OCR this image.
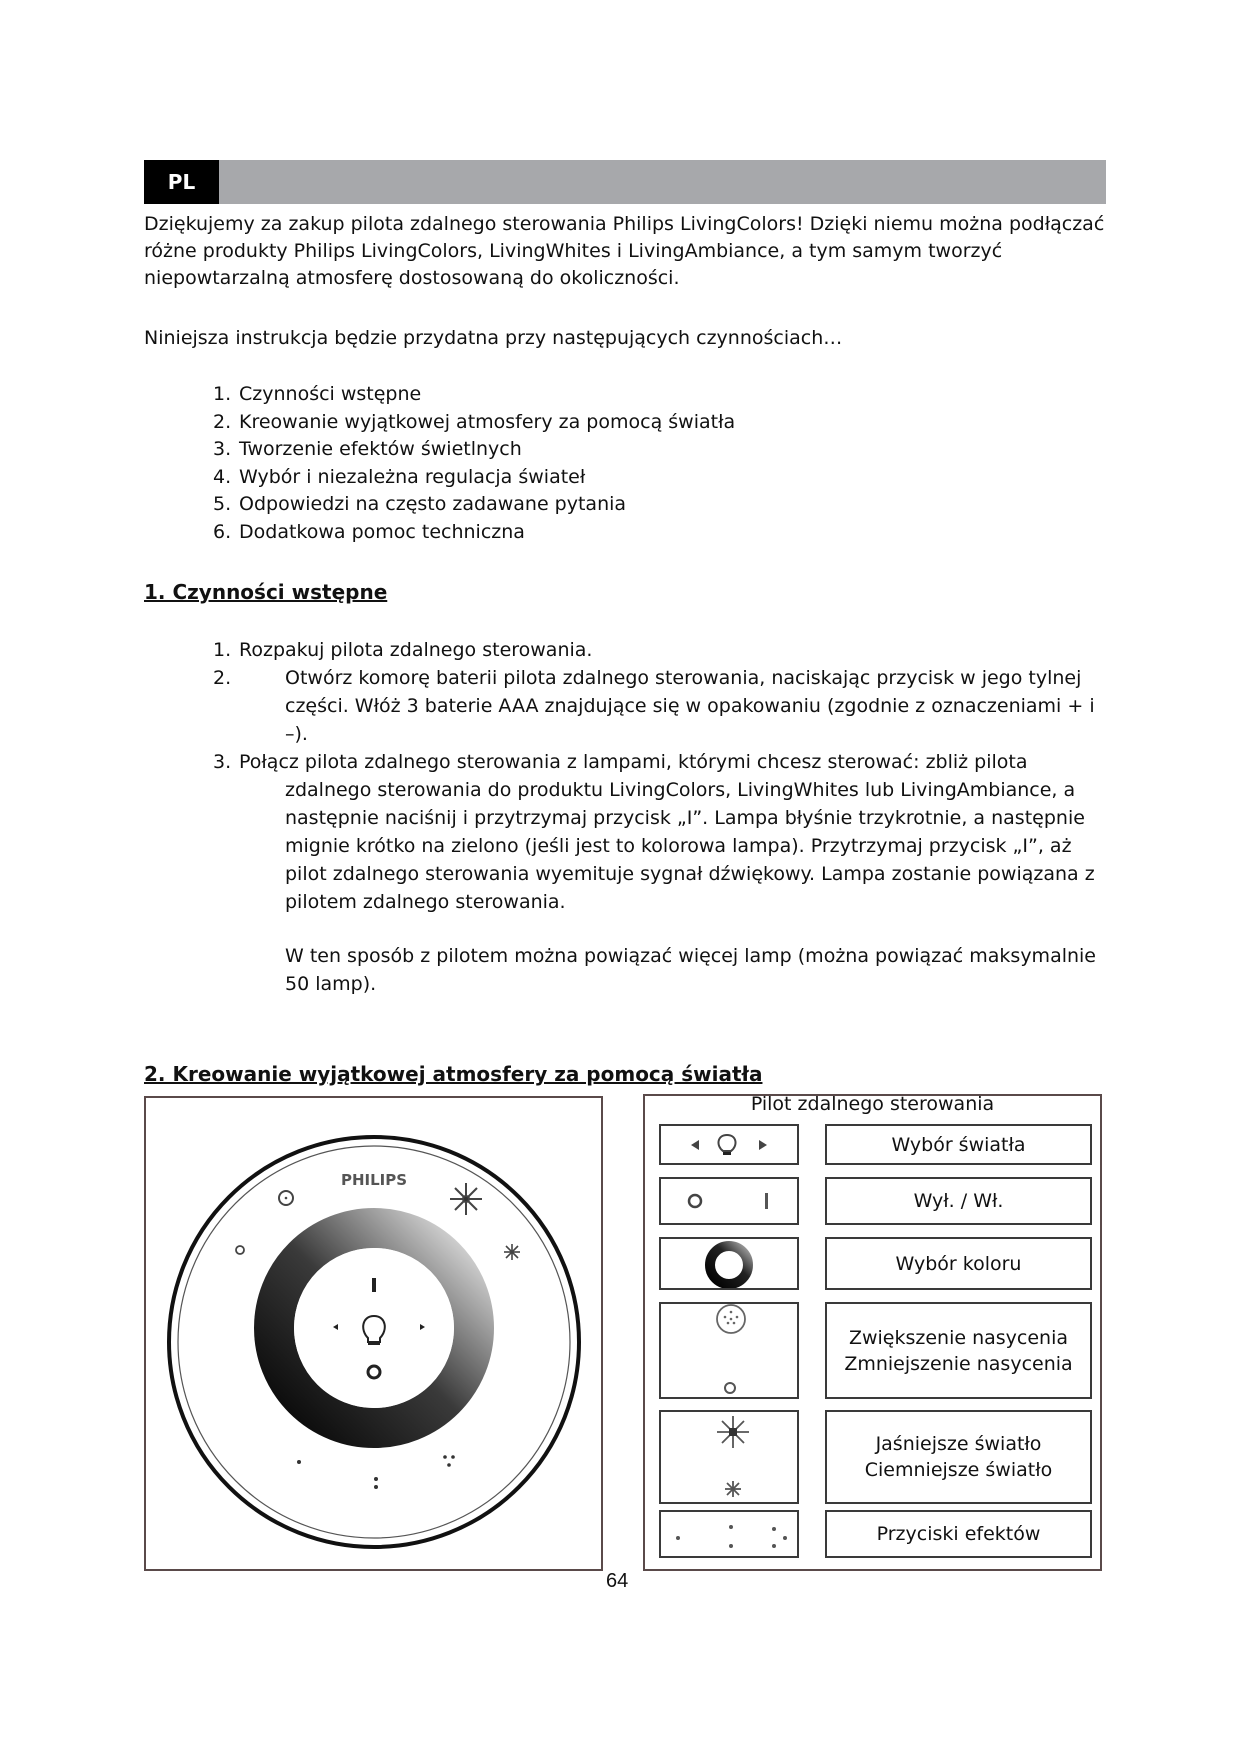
PL

Dziękujemy za zakup pilota zdalnego sterowania Philips LivingColors! Dzięki niemu można podłączać różne produkty Philips LivingColors, LivingWhites i LivingAmbiance, a tym samym tworzyć niepowtarzalną atmosferę dostosowaną do okoliczności.

Niniejsza instrukcja będzie przydatna przy następujących czynnościach…

1. Czynności wstępne
2. Kreowanie wyjątkowej atmosfery za pomocą światła
3. Tworzenie efektów świetlnych
4. Wybór i niezależna regulacja świateł
5. Odpowiedzi na często zadawane pytania
6. Dodatkowa pomoc techniczna
1. Czynności wstępne
1. Rozpakuj pilota zdalnego sterowania.
2.	Otwórz komorę baterii pilota zdalnego sterowania, naciskając przycisk w jego tylnej części. Włóż 3 baterie AAA znajdujące się w opakowaniu (zgodnie z oznaczeniami + i –).
3. Połącz pilota zdalnego sterowania z lampami, którymi chcesz sterować: zbliż pilota
zdalnego sterowania do produktu LivingColors, LivingWhites lub LivingAmbiance, a następnie naciśnij i przytrzymaj przycisk „I”. Lampa błyśnie trzykrotnie, a następnie mignie krótko na zielono (jeśli jest to kolorowa lampa). Przytrzymaj przycisk „I”, aż pilot zdalnego sterowania wyemituje sygnał dźwiękowy. Lampa zostanie powiązana z pilotem zdalnego sterowania.
W ten sposób z pilotem można powiązać więcej lamp (można powiązać maksymalnie 50 lamp).
2. Kreowanie wyjątkowej atmosfery za pomocą światła
PHILIPS
Pilot zdalnego sterowania
Wybór światła
Wył. / Wł.
Wybór koloru
Zwiększenie nasycenia
Zmniejszenie nasycenia
Jaśniejsze światło
Ciemniejsze światło
Przyciski efektów
64
